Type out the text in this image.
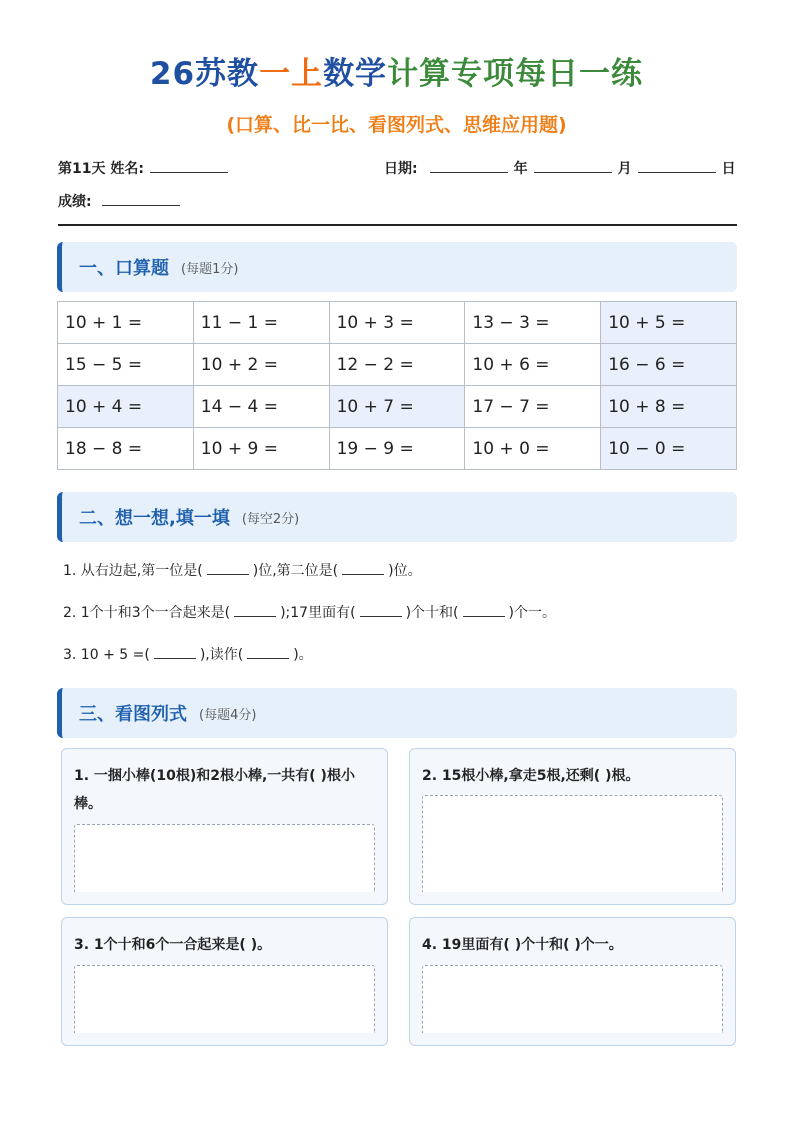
26苏教一上数学计算专项每日一练
(口算、比一比、看图列式、思维应用题)
第11天 姓名:	日期:	年	月	日
成绩:
一、口算题 (每题1分)
10 + 1 =	11 − 1 =	10 + 3 =	13 − 3 =	10 + 5 =
15 − 5 =	10 + 2 =	12 − 2 =	10 + 6 =	16 − 6 =
10 + 4 =	14 − 4 =	10 + 7 =	17 − 7 =	10 + 8 =
18 − 8 =	10 + 9 =	19 − 9 =	10 + 0 =	10 − 0 =
二、想一想,填一填 (每空2分)
1. 从右边起,第一位是(	)位,第二位是(	)位。
2. 1个十和3个一合起来是(	);17里面有(	)个十和(	)个一。
3. 10 + 5 =(	),读作(	)。
三、看图列式 (每题4分)
1. 一捆小棒(10根)和2根小棒,一共有( )根小棒。
2. 15根小棒,拿走5根,还剩( )根。
3. 1个十和6个一合起来是( )。	4. 19里面有( )个十和( )个一。
